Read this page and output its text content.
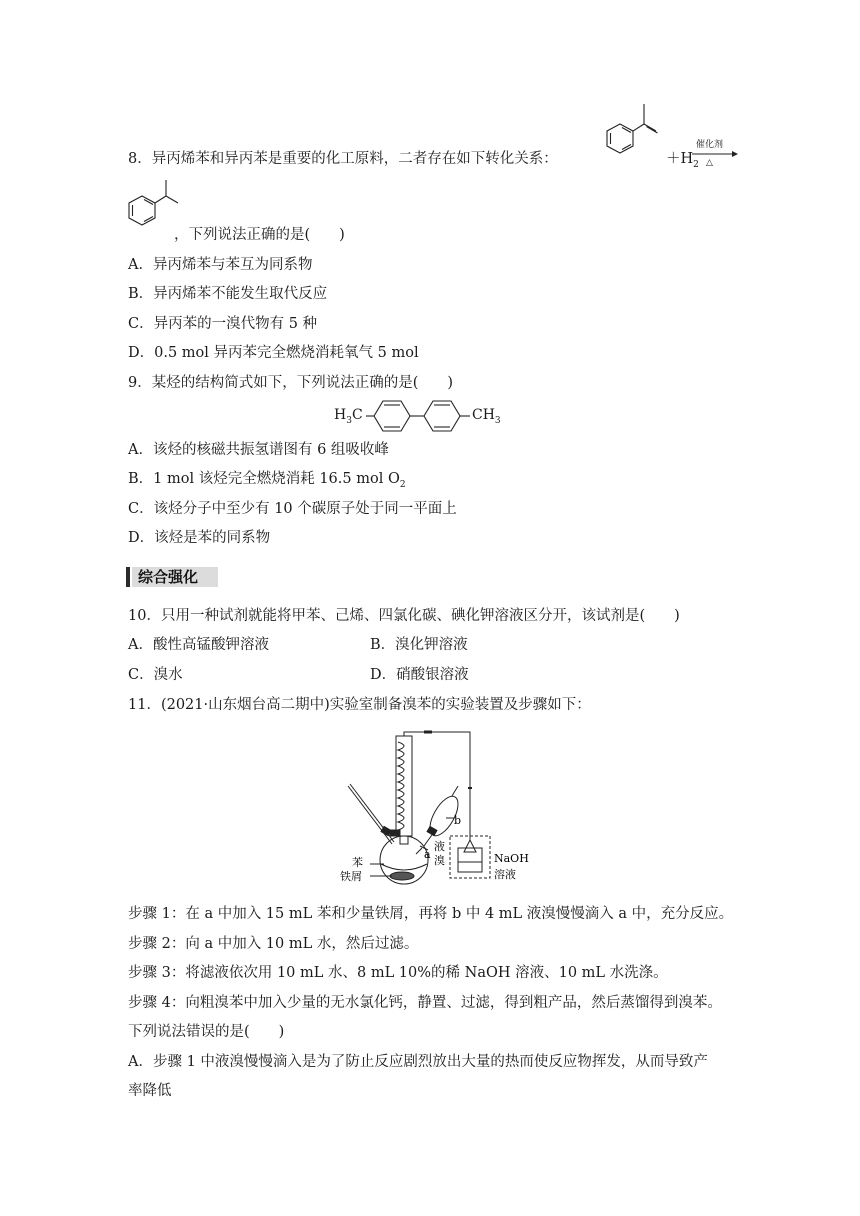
8．异丙烯苯和异丙苯是重要的化工原料，二者存在如下转化关系：	$+H_2$
催化剂
△
，下列说法正确的是(　　)
A．异丙烯苯与苯互为同系物
B．异丙烯苯不能发生取代反应
C．异丙苯的一溴代物有 5 种
D．0.5 mol 异丙苯完全燃烧消耗氧气 5 mol
9．某烃的结构简式如下，下列说法正确的是(　　)
$H_3C$	$CH_3$
A．该烃的核磁共振氢谱图有 6 组吸收峰
B．1 mol 该烃完全燃烧消耗 16.5 mol $O_2$
C．该烃分子中至少有 10 个碳原子处于同一平面上
D．该烃是苯的同系物
综合强化
10．只用一种试剂就能将甲苯、己烯、四氯化碳、碘化钾溶液区分开，该试剂是(　　)
A．酸性高锰酸钾溶液	B．溴化钾溶液
C．溴水	D．硝酸银溶液
11．(2021·山东烟台高二期中)实验室制备溴苯的实验装置及步骤如下：
b
a
液
溴
苯
铁屑
NaOH
溶液
步骤 1：在 a 中加入 15 mL 苯和少量铁屑，再将 b 中 4 mL 液溴慢慢滴入 a 中，充分反应。
步骤 2：向 a 中加入 10 mL 水，然后过滤。
步骤 3：将滤液依次用 10 mL 水、8 mL 10%的稀 NaOH 溶液、10 mL 水洗涤。
步骤 4：向粗溴苯中加入少量的无水氯化钙，静置、过滤，得到粗产品，然后蒸馏得到溴苯。
下列说法错误的是(　　)
A．步骤 1 中液溴慢慢滴入是为了防止反应剧烈放出大量的热而使反应物挥发，从而导致产
率降低
